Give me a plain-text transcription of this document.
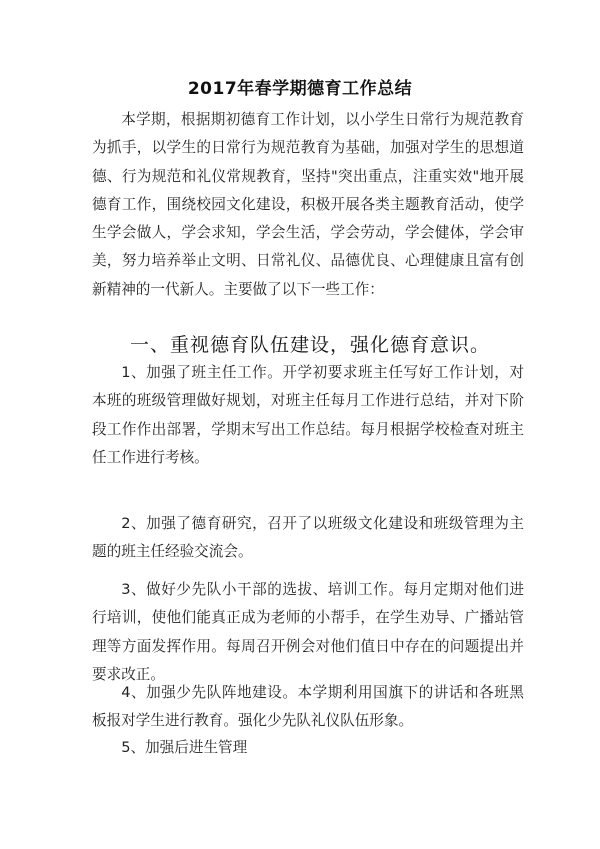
2017年春学期德育工作总结
本学期，根据期初德育工作计划，以小学生日常行为规范教育为抓手，以学生的日常行为规范教育为基础，加强对学生的思想道德、行为规范和礼仪常规教育，坚持"突出重点，注重实效"地开展德育工作，围绕校园文化建设，积极开展各类主题教育活动，使学生学会做人，学会求知，学会生活，学会劳动，学会健体，学会审美，努力培养举止文明、日常礼仪、品德优良、心理健康且富有创新精神的一代新人。主要做了以下一些工作：
一、重视德育队伍建设，强化德育意识。
1、加强了班主任工作。开学初要求班主任写好工作计划，对本班的班级管理做好规划，对班主任每月工作进行总结，并对下阶段工作作出部署，学期末写出工作总结。每月根据学校检查对班主任工作进行考核。
2、加强了德育研究，召开了以班级文化建设和班级管理为主题的班主任经验交流会。
3、做好少先队小干部的选拔、培训工作。每月定期对他们进行培训，使他们能真正成为老师的小帮手，在学生劝导、广播站管理等方面发挥作用。每周召开例会对他们值日中存在的问题提出并要求改正。
4、加强少先队阵地建设。本学期利用国旗下的讲话和各班黑板报对学生进行教育。强化少先队礼仪队伍形象。
5、加强后进生管理
